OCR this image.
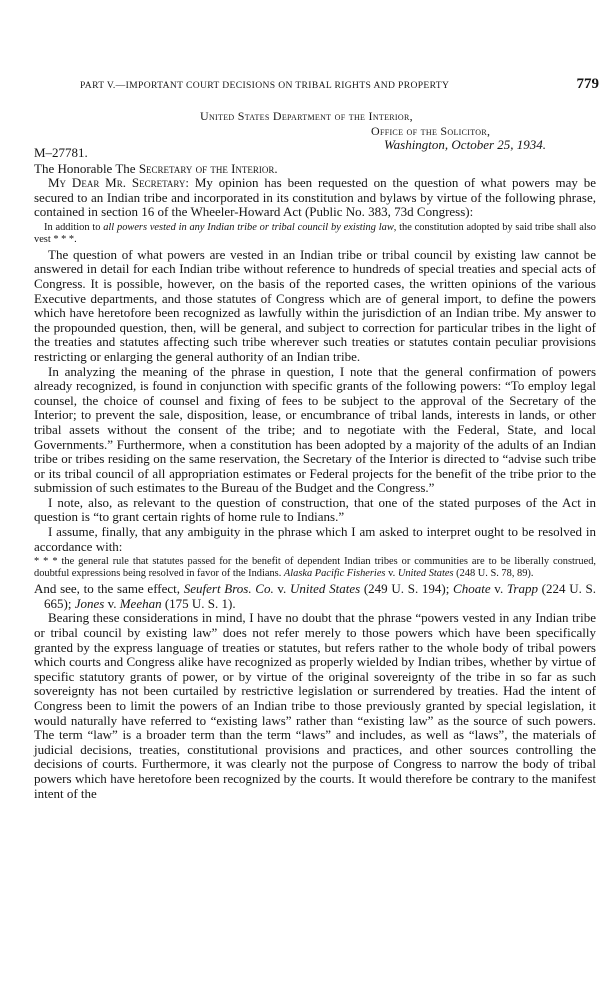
PART V.—IMPORTANT COURT DECISIONS ON TRIBAL RIGHTS AND PROPERTY	779
United States Department of the Interior,
Office of the Solicitor,
Washington, October 25, 1934.
M–27781.

The Honorable The Secretary of the Interior.

My Dear Mr. Secretary: My opinion has been requested on the question of what powers may be secured to an Indian tribe and incorporated in its constitution and bylaws by virtue of the following phrase, contained in section 16 of the Wheeler-Howard Act (Public No. 383, 73d Congress):

In addition to all powers vested in any Indian tribe or tribal council by existing law, the constitution adopted by said tribe shall also vest * * *.

The question of what powers are vested in an Indian tribe or tribal council by existing law cannot be answered in detail for each Indian tribe without reference to hundreds of special treaties and special acts of Congress. It is possible, however, on the basis of the reported cases, the written opinions of the various Executive departments, and those statutes of Congress which are of general import, to define the powers which have heretofore been recognized as lawfully within the jurisdiction of an Indian tribe. My answer to the propounded question, then, will be general, and subject to correction for particular tribes in the light of the treaties and statutes affecting such tribe wherever such treaties or statutes contain peculiar provisions restricting or enlarging the general authority of an Indian tribe.

In analyzing the meaning of the phrase in question, I note that the general confirmation of powers already recognized, is found in conjunction with specific grants of the following powers: “To employ legal counsel, the choice of counsel and fixing of fees to be subject to the approval of the Secretary of the Interior; to prevent the sale, disposition, lease, or encumbrance of tribal lands, interests in lands, or other tribal assets without the consent of the tribe; and to negotiate with the Federal, State, and local Governments.” Furthermore, when a constitution has been adopted by a majority of the adults of an Indian tribe or tribes residing on the same reservation, the Secretary of the Interior is directed to “advise such tribe or its tribal council of all appropriation estimates or Federal projects for the benefit of the tribe prior to the submission of such estimates to the Bureau of the Budget and the Congress.”

I note, also, as relevant to the question of construction, that one of the stated purposes of the Act in question is “to grant certain rights of home rule to Indians.”

I assume, finally, that any ambiguity in the phrase which I am asked to interpret ought to be resolved in accordance with:

* * * the general rule that statutes passed for the benefit of dependent Indian tribes or communities are to be liberally construed, doubtful expressions being resolved in favor of the Indians. Alaska Pacific Fisheries v. United States (248 U. S. 78, 89).

And see, to the same effect, Seufert Bros. Co. v. United States (249 U. S. 194); Choate v. Trapp (224 U. S. 665); Jones v. Meehan (175 U. S. 1).

Bearing these considerations in mind, I have no doubt that the phrase “powers vested in any Indian tribe or tribal council by existing law” does not refer merely to those powers which have been specifically granted by the express language of treaties or statutes, but refers rather to the whole body of tribal powers which courts and Congress alike have recognized as properly wielded by Indian tribes, whether by virtue of specific statutory grants of power, or by virtue of the original sovereignty of the tribe in so far as such sovereignty has not been curtailed by restrictive legislation or surrendered by treaties. Had the intent of Congress been to limit the powers of an Indian tribe to those previously granted by special legislation, it would naturally have referred to “existing laws” rather than “existing law” as the source of such powers. The term “law” is a broader term than the term “laws” and includes, as well as “laws”, the materials of judicial decisions, treaties, constitutional provisions and practices, and other sources controlling the decisions of courts. Furthermore, it was clearly not the purpose of Congress to narrow the body of tribal powers which have heretofore been recognized by the courts. It would therefore be contrary to the manifest intent of the
